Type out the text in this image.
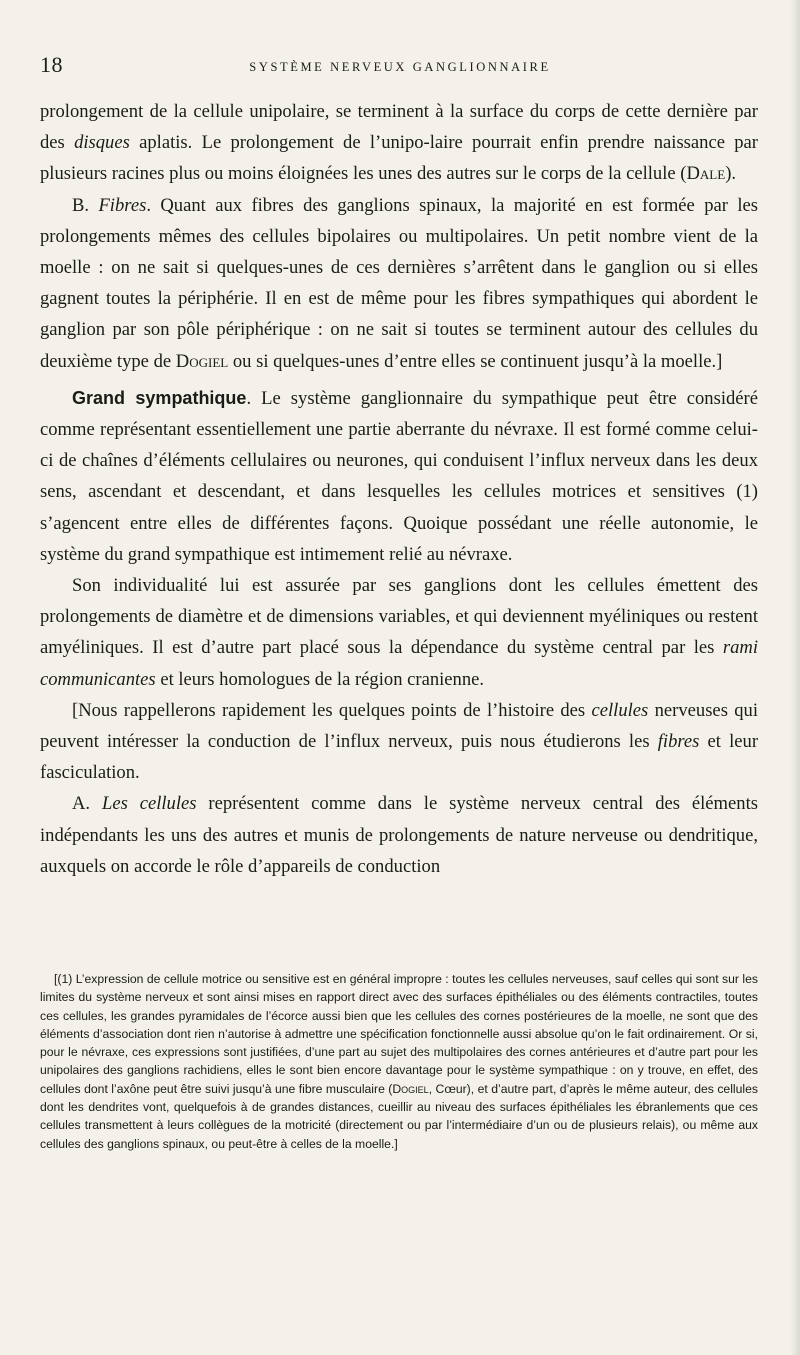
18	SYSTÈME NERVEUX GANGLIONNAIRE

prolongement de la cellule unipolaire, se terminent à la surface du corps de cette dernière par des disques aplatis. Le prolongement de l’unipo-laire pourrait enfin prendre naissance par plusieurs racines plus ou moins éloignées les unes des autres sur le corps de la cellule (Dale).

B. Fibres. Quant aux fibres des ganglions spinaux, la majorité en est formée par les prolongements mêmes des cellules bipolaires ou multipolaires. Un petit nombre vient de la moelle : on ne sait si quelques-unes de ces dernières s’arrêtent dans le ganglion ou si elles gagnent toutes la périphérie. Il en est de même pour les fibres sympathiques qui abordent le ganglion par son pôle périphérique : on ne sait si toutes se terminent autour des cellules du deuxième type de Dogiel ou si quelques-unes d’entre elles se continuent jusqu’à la moelle.]

Grand sympathique. Le système ganglionnaire du sympathique peut être considéré comme représentant essentiellement une partie aberrante du névraxe. Il est formé comme celui-ci de chaînes d’éléments cellulaires ou neurones, qui conduisent l’influx nerveux dans les deux sens, ascendant et descendant, et dans lesquelles les cellules motrices et sensitives (1) s’agencent entre elles de différentes façons. Quoique possédant une réelle autonomie, le système du grand sympathique est intimement relié au névraxe.

Son individualité lui est assurée par ses ganglions dont les cellules émettent des prolongements de diamètre et de dimensions variables, et qui deviennent myéliniques ou restent amyéliniques. Il est d’autre part placé sous la dépendance du système central par les rami communicantes et leurs homologues de la région cranienne.

[Nous rappellerons rapidement les quelques points de l’histoire des cellules nerveuses qui peuvent intéresser la conduction de l’influx nerveux, puis nous étudierons les fibres et leur fasciculation.

A. Les cellules représentent comme dans le système nerveux central des éléments indépendants les uns des autres et munis de prolongements de nature nerveuse ou dendritique, auxquels on accorde le rôle d’appareils de conduction

[(1) L’expression de cellule motrice ou sensitive est en général impropre : toutes les cellules nerveuses, sauf celles qui sont sur les limites du système nerveux et sont ainsi mises en rapport direct avec des surfaces épithéliales ou des éléments contractiles, toutes ces cellules, les grandes pyramidales de l’écorce aussi bien que les cellules des cornes postérieures de la moelle, ne sont que des éléments d’association dont rien n’autorise à admettre une spécification fonctionnelle aussi absolue qu’on le fait ordinairement. Or si, pour le névraxe, ces expressions sont justifiées, d’une part au sujet des multipolaires des cornes antérieures et d’autre part pour les unipolaires des ganglions rachidiens, elles le sont bien encore davantage pour le système sympathique : on y trouve, en effet, des cellules dont l’axône peut être suivi jusqu’à une fibre musculaire (Dogiel, Cœur), et d’autre part, d’après le même auteur, des cellules dont les dendrites vont, quelquefois à de grandes distances, cueillir au niveau des surfaces épithéliales les ébranlements que ces cellules transmettent à leurs collègues de la motricité (directement ou par l’intermédiaire d’un ou de plusieurs relais), ou même aux cellules des ganglions spinaux, ou peut-être à celles de la moelle.]
